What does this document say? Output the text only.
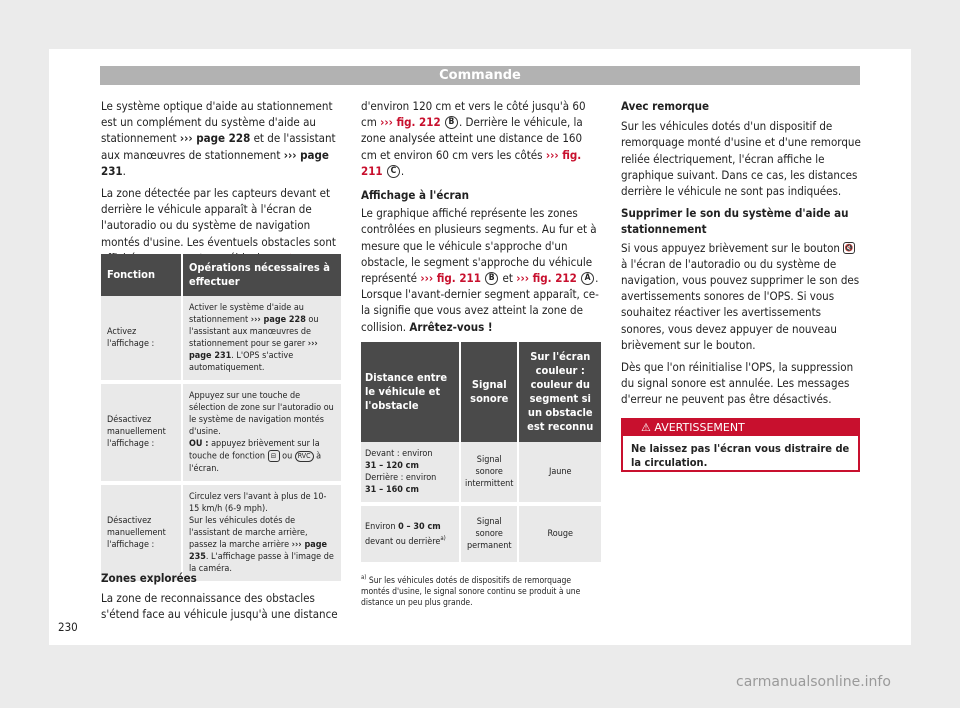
Commande

Le système optique d'aide au stationnement est un complément du système d'aide au stationnement ››› page 228 et de l'assistant aux manœuvres de stationnement ››› page 231.

La zone détectée par les capteurs devant et derrière le véhicule apparaît à l'écran de l'autoradio ou du système de navigation montés d'usine. Les éventuels obstacles sont

Fonction	Opérations nécessaires à effectuer
Activez l'affichage :	Activer le système d'aide au stationnement ››› page 228 ou l'assistant aux manœuvres de stationnement pour se garer ››› page 231. L'OPS s'active automatiquement.
Désactivez manuellement l'affichage :	Appuyez sur une touche de sélection de zone sur l'autoradio ou le système de navigation montés d'usine.
OU : appuyez brièvement sur la touche de fonction ⊟ ou RVC à l'écran.
Désactivez manuellement l'affichage :	Circulez vers l'avant à plus de 10-15 km/h (6-9 mph).
Sur les véhicules dotés de l'assistant de marche arrière, passez la marche arrière ››› page 235. L'affichage passe à l'image de la caméra.

Zones explorées

La zone de reconnaissance des obstacles s'étend face au véhicule jusqu'à une distance

d'environ 120 cm et vers le côté jusqu'à 60 cm ››› fig. 212 B . Derrière le véhicule, la zone analysée atteint une distance de 160 cm et environ 60 cm vers les côtés ››› fig. 211 C .

Affichage à l'écran

Le graphique affiché représente les zones contrôlées en plusieurs segments. Au fur et à mesure que le véhicule s'approche d'un obstacle, le segment s'approche du véhicule représenté ››› fig. 211 B et ››› fig. 212 A . Lorsque l'avant-dernier segment apparaît, ce-la signifie que vous avez atteint la zone de collision. Arrêtez-vous !

Distance entre le véhicule et l'obstacle	Signal sonore	Sur l'écran couleur : couleur du segment si un obstacle est reconnu
Devant : environ
31 – 120 cm
Derrière : environ
31 – 160 cm	Signal sonore intermittent	Jaune
Environ 0 – 30 cm devant ou derrière$^{a)}$	Signal sonore permanent	Rouge
$^{a)}$ Sur les véhicules dotés de dispositifs de remorquage montés d'usine, le signal sonore continu se produit à une distance un peu plus grande.

Avec remorque

Sur les véhicules dotés d'un dispositif de remorquage monté d'usine et d'une remorque reliée électriquement, l'écran affiche le graphique suivant. Dans ce cas, les distances derrière le véhicule ne sont pas indiquées.

Supprimer le son du système d'aide au stationnement

Si vous appuyez brièvement sur le bouton 🔇 à l'écran de l'autoradio ou du système de navigation, vous pouvez supprimer le son des avertissements sonores de l'OPS. Si vous souhaitez réactiver les avertissements sonores, vous devez appuyer de nouveau brièvement sur le bouton.

Dès que l'on réinitialise l'OPS, la suppression du signal sonore est annulée. Les messages d'erreur ne peuvent pas être désactivés.

⚠ AVERTISSEMENT
Ne laissez pas l'écran vous distraire de la circulation.
230
carmanualsonline.info
